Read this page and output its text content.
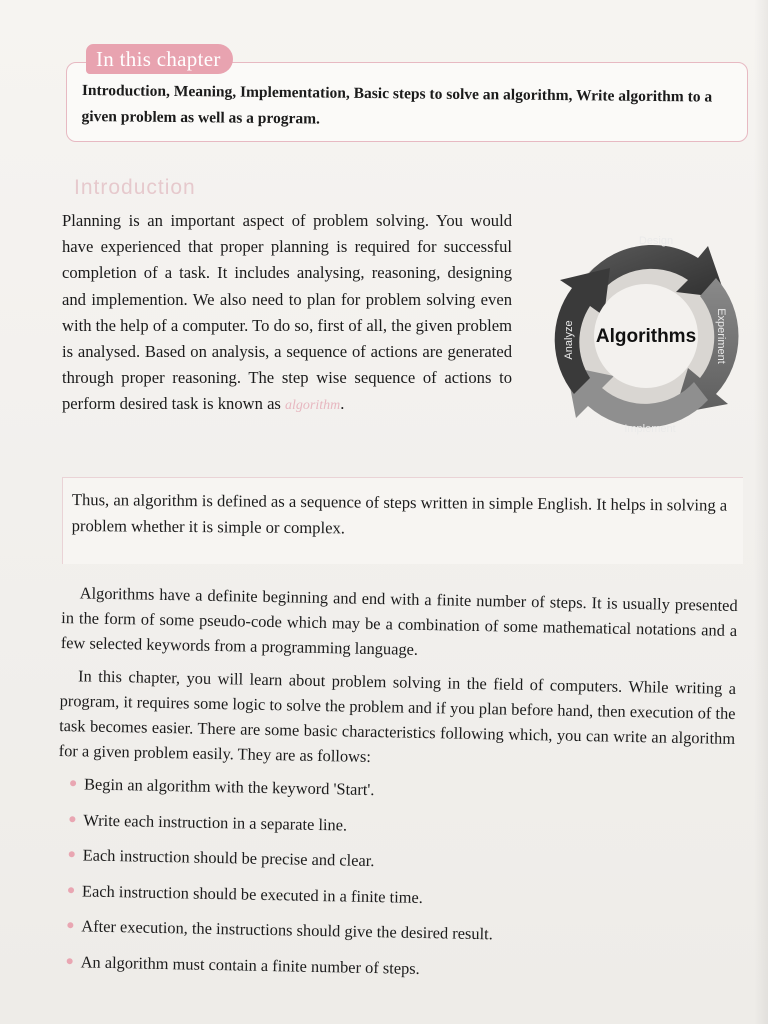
In this chapter
Introduction, Meaning, Implementation, Basic steps to solve an algorithm, Write algorithm to a given problem as well as a program.
Introduction
Planning is an important aspect of problem solving. You would have experienced that proper planning is required for successful completion of a task. It includes analysing, reasoning, designing and implemention. We also need to plan for problem solving even with the help of a computer. To do so, first of all, the given problem is analysed. Based on analysis, a sequence of actions are generated through proper reasoning. The step wise sequence of actions to perform desired task is known as algorithm.
Algorithms
Design
Experiment
Implement
Analyze
Thus, an algorithm is defined as a sequence of steps written in simple English. It helps in solving a problem whether it is simple or complex.

Algorithms have a definite beginning and end with a finite number of steps. It is usually presented in the form of some pseudo-code which may be a combination of some mathematical notations and a few selected keywords from a programming language.

In this chapter, you will learn about problem solving in the field of computers. While writing a program, it requires some logic to solve the problem and if you plan before hand, then execution of the task becomes easier. There are some basic characteristics following which, you can write an algorithm for a given problem easily. They are as follows:

Begin an algorithm with the keyword 'Start'.
Write each instruction in a separate line.
Each instruction should be precise and clear.
Each instruction should be executed in a finite time.
After execution, the instructions should give the desired result.
An algorithm must contain a finite number of steps.
